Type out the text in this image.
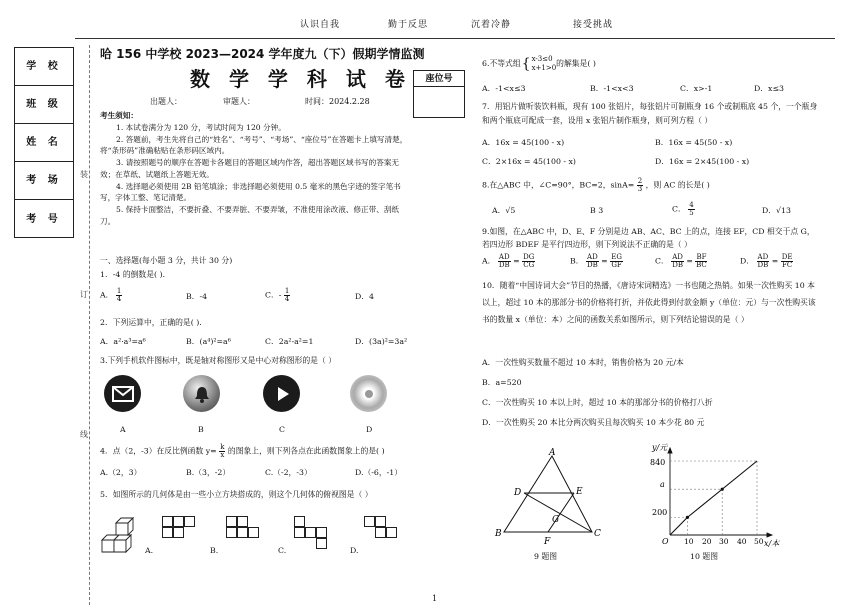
认识自我	勤于反思	沉着冷静	接受挑战
学 校
班 级
姓 名
考 场
考 号
装
订
线
哈 156 中学校 2023—2024 学年度九（下）假期学情监测
数 学 学 科 试 卷	座位号
出题人：	审题人：	时间：2024.2.28
考生须知：

1. 本试卷满分为 120 分，考试时间为 120 分钟。

2. 答题前，考生先将自己的“姓名”、“考号”、“考场”、“座位号”在答题卡上填写清楚，将“条形码”准确粘贴在条形码区域内。

3. 请按照题号的顺序在答题卡各题目的答题区域内作答，超出答题区域书写的答案无效；在草纸、试题纸上答题无效。

4. 选择题必须使用 2B 铅笔填涂；非选择题必须使用 0.5 毫米的黑色字迹的签字笔书写，字体工整、笔记清楚。

5. 保持卡面整洁，不要折叠、不要弄脏、不要弄皱，不准使用涂改液、修正带、刮纸刀。

一、选择题(每小题 3 分，共计 30 分)
1．-4 的倒数是( ).
A． $\frac{1}{4}$	B．-4	C．- $\frac{1}{4}$	D．4
2．下列运算中，正确的是( ).
A．a²·a³=a⁶	B．(a⁴)²=a⁶	C．2a²-a²=1	D．(3a)²=3a²
3.下列手机软件图标中，既是轴对称图形又是中心对称图形的是（ ）
A	B	C	D
4．点（2，-3）在反比例函数 $y= \frac{k}{x}$ 的图象上，则下列各点在此函数图象上的是( )
A.（2，3）	B.（3，-2）	C.（-2，-3）	D.（-6，-1）
5．如图所示的几何体是由一些小立方块搭成的，则这个几何体的俯视图是（ ）
A.	B.	C.	D.
6.不等式组 { x-3≤0
x+1>0
的解集是( )
A．-1<x≤3	B．-1<x<3	C．x>-1	D．x≤3
7．用铝片做听装饮料瓶，现有 100 张铝片，每张铝片可制瓶身 16 个或制瓶底 45 个，一个瓶身和两个瓶底可配成一套，设用 x 张铝片制作瓶身，则可列方程（ ）
A．16x = 45(100 - x)	B．16x = 45(50 - x)
C．2×16x = 45(100 - x)	D．16x = 2×45(100 - x)
8.在△ABC 中，∠C=90°，BC=2，$\sin A= \frac{2}{3}$ ，则 AC 的长是( )
A．√5	B 3	C． $\frac{4}{5}$	D．√13
9.如图，在△ABC 中，D、E、F 分别是边 AB、AC、BC 上的点，连接 EF，CD 相交于点 G，若四边形 BDEF 是平行四边形，则下列说法不正确的是（ ）
A． $\frac{AD}{DB} = \frac{DG}{CG}$	B． $\frac{AD}{DB} = \frac{EG}{GF}$	C． $\frac{AD}{DB} = \frac{BF}{BC}$	D． $\frac{AD}{DB} = \frac{DE}{FC}$
10．随着“中国诗词大会”节目的热播，《唐诗宋词精选》一书也随之热销。如果一次性购买 10 本以上，超过 10 本的那部分书的价格将打折，并依此得到付款金额 y（单位：元）与一次性购买该书的数量 x（单位：本）之间的函数关系如图所示，则下列结论错误的是（ ）
A．一次性购买数量不超过 10 本时，销售价格为 20 元/本
B．a=520
C．一次性购买 10 本以上时，超过 10 本的那部分书的价格打八折
D．一次性购买 20 本比分两次购买且每次购买 10 本少花 80 元
A
D	E
G
B
F
C
9 题图
y/元
x/本
O
840
a
200
10 20 30 40 50
10 题图
1
